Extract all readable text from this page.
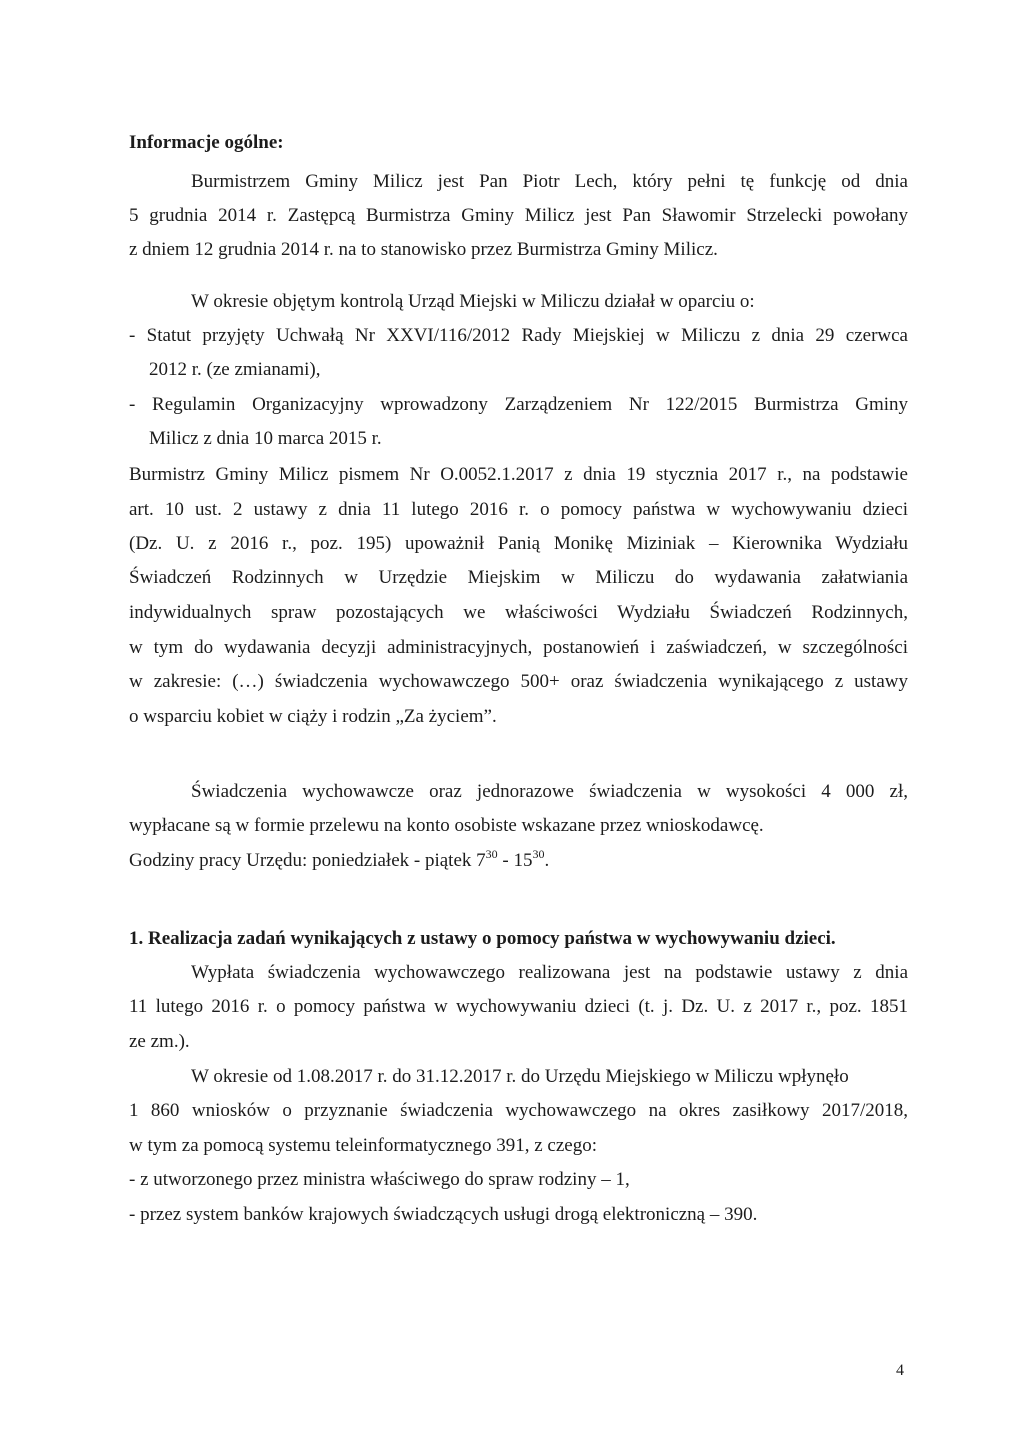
Informacje ogólne:
Burmistrzem Gminy Milicz jest Pan Piotr Lech, który pełni tę funkcję od dnia
5 grudnia 2014 r. Zastępcą Burmistrza Gminy Milicz jest Pan Sławomir Strzelecki powołany
z dniem 12 grudnia 2014 r. na to stanowisko przez Burmistrza Gminy Milicz.
W okresie objętym kontrolą Urząd Miejski w Miliczu działał w oparciu o:
- Statut przyjęty Uchwałą Nr XXVI/116/2012 Rady Miejskiej w Miliczu z dnia 29 czerwca
2012 r. (ze zmianami),
- Regulamin Organizacyjny wprowadzony Zarządzeniem Nr 122/2015 Burmistrza Gminy
Milicz z dnia 10 marca 2015 r.
Burmistrz Gminy Milicz pismem Nr O.0052.1.2017 z dnia 19 stycznia 2017 r., na podstawie
art. 10 ust. 2 ustawy z dnia 11 lutego 2016 r. o pomocy państwa w wychowywaniu dzieci
(Dz. U. z 2016 r., poz. 195) upoważnił Panią Monikę Miziniak – Kierownika Wydziału
Świadczeń Rodzinnych w Urzędzie Miejskim w Miliczu do wydawania załatwiania
indywidualnych spraw pozostających we właściwości Wydziału Świadczeń Rodzinnych,
w tym do wydawania decyzji administracyjnych, postanowień i zaświadczeń, w szczególności
w zakresie: (…) świadczenia wychowawczego 500+ oraz świadczenia wynikającego z ustawy
o wsparciu kobiet w ciąży i rodzin „Za życiem”.
Świadczenia wychowawcze oraz jednorazowe świadczenia w wysokości 4 000 zł,
wypłacane są w formie przelewu na konto osobiste wskazane przez wnioskodawcę.
Godziny pracy Urzędu: poniedziałek - piątek $7^{30} - 15^{30}$.
1. Realizacja zadań wynikających z ustawy o pomocy państwa w wychowywaniu dzieci.
Wypłata świadczenia wychowawczego realizowana jest na podstawie ustawy z dnia
11 lutego 2016 r. o pomocy państwa w wychowywaniu dzieci (t. j. Dz. U. z 2017 r., poz. 1851
ze zm.).
W okresie od 1.08.2017 r. do 31.12.2017 r. do Urzędu Miejskiego w Miliczu wpłynęło
1 860 wniosków o przyznanie świadczenia wychowawczego na okres zasiłkowy 2017/2018,
w tym za pomocą systemu teleinformatycznego 391, z czego:
- z utworzonego przez ministra właściwego do spraw rodziny – 1,
- przez system banków krajowych świadczących usługi drogą elektroniczną – 390.
4
